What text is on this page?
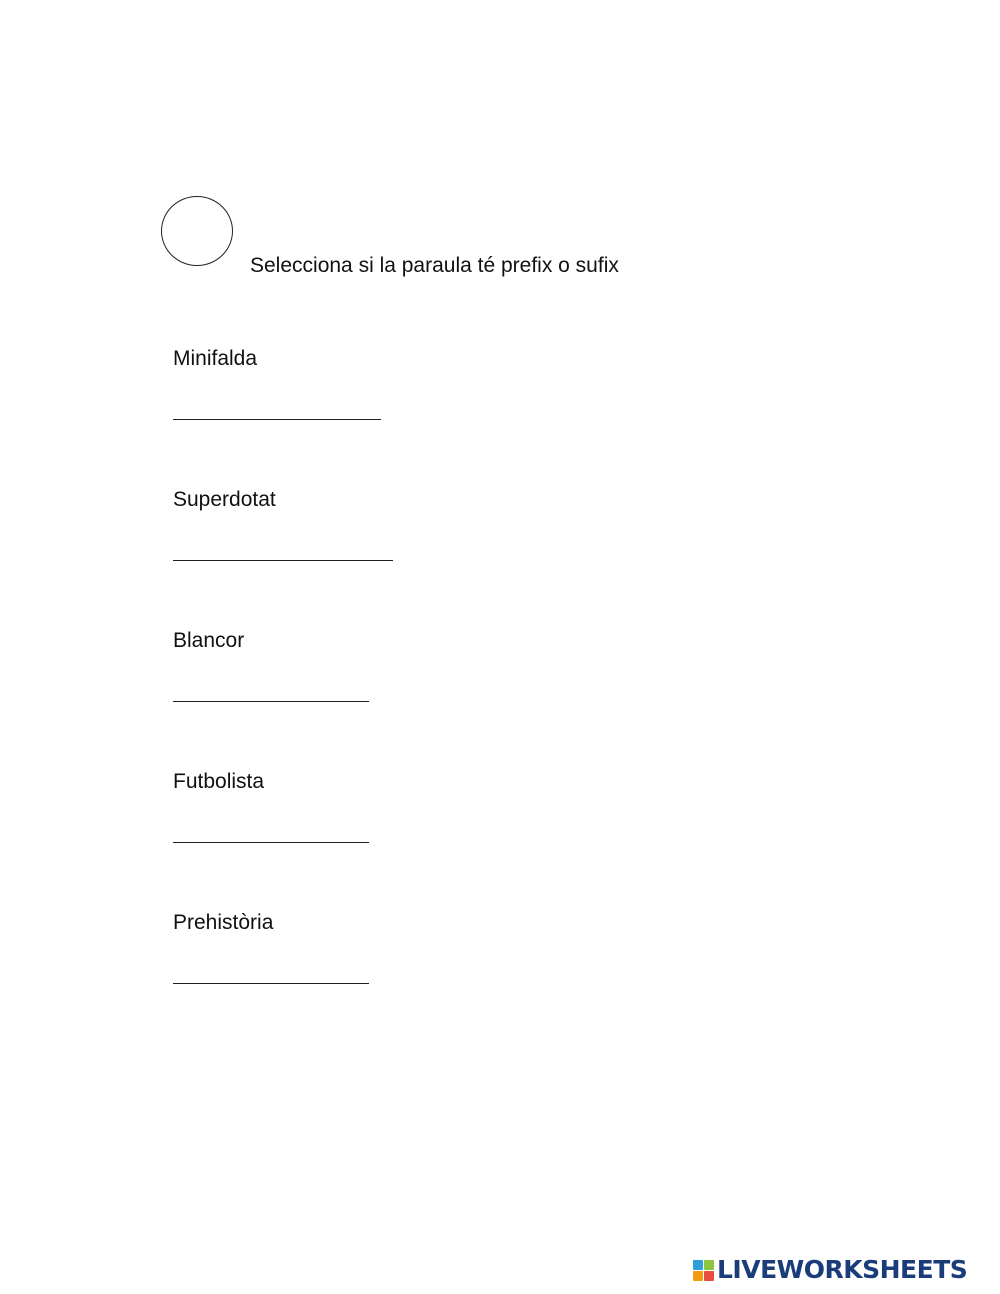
Selecciona si la paraula té prefix o sufix
Minifalda
Superdotat
Blancor
Futbolista
Prehistòria
LIVEWORKSHEETS
